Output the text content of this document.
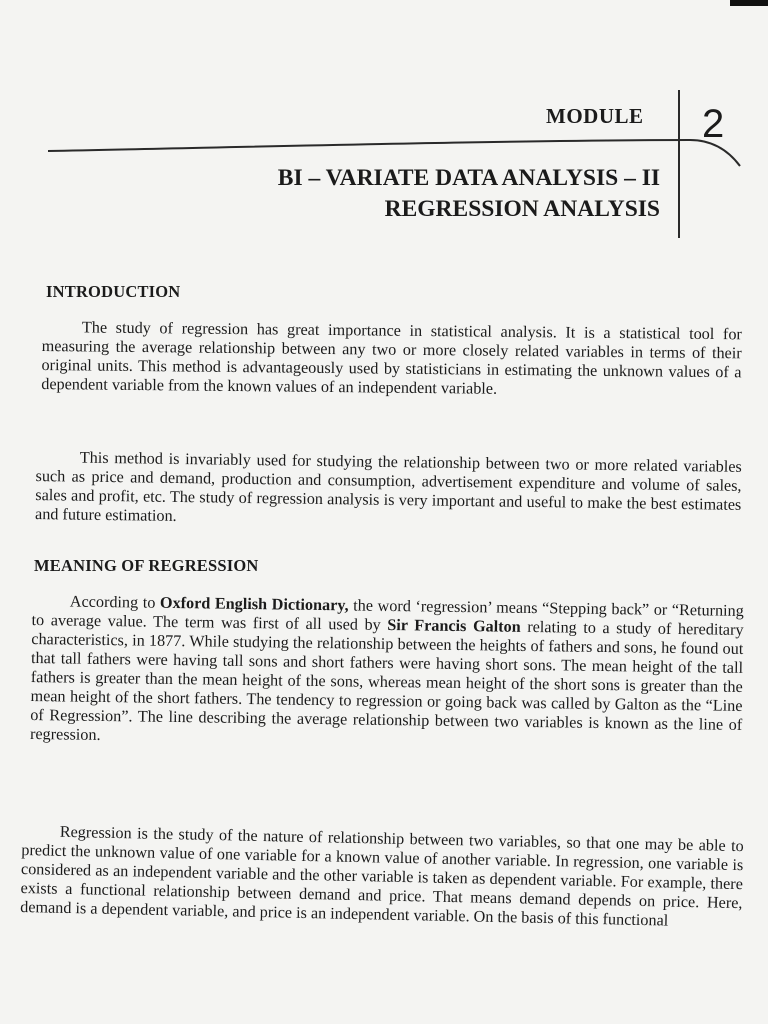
MODULE 2
BI – VARIATE DATA ANALYSIS – II
REGRESSION ANALYSIS
INTRODUCTION

The study of regression has great importance in statistical analysis. It is a statistical tool for measuring the average relationship between any two or more closely related variables in terms of their original units. This method is advantageously used by statisticians in estimating the unknown values of a dependent variable from the known values of an independent variable.

This method is invariably used for studying the relationship between two or more related variables such as price and demand, production and consumption, advertisement expenditure and volume of sales, sales and profit, etc. The study of regression analysis is very important and useful to make the best estimates and future estimation.

MEANING OF REGRESSION

According to Oxford English Dictionary, the word ‘regression’ means “Stepping back” or “Returning to average value. The term was first of all used by Sir Francis Galton relating to a study of hereditary characteristics, in 1877. While studying the relationship between the heights of fathers and sons, he found out that tall fathers were having tall sons and short fathers were having short sons. The mean height of the tall fathers is greater than the mean height of the sons, whereas mean height of the short sons is greater than the mean height of the short fathers. The tendency to regression or going back was called by Galton as the “Line of Regression”. The line describing the average relationship between two variables is known as the line of regression.

Regression is the study of the nature of relationship between two variables, so that one may be able to predict the unknown value of one variable for a known value of another variable. In regression, one variable is considered as an independent variable and the other variable is taken as dependent variable. For example, there exists a functional relationship between demand and price. That means demand depends on price. Here, demand is a dependent variable, and price is an independent variable. On the basis of this functional
